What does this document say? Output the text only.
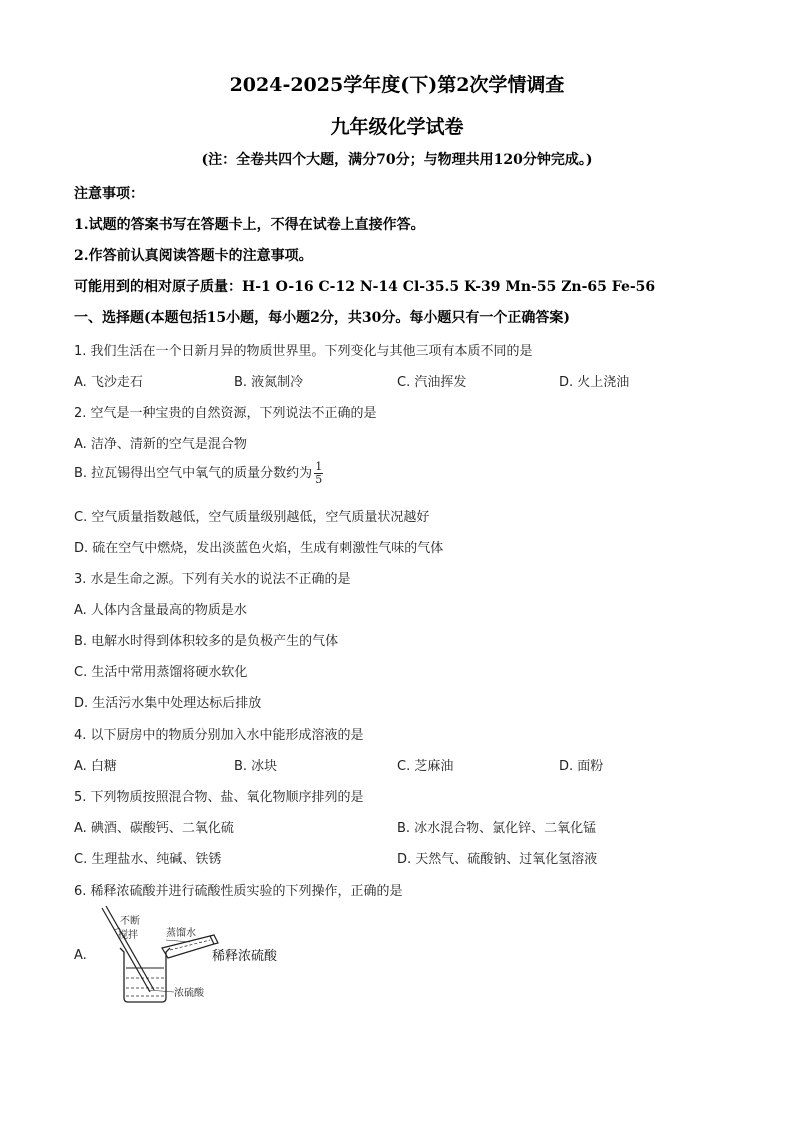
2024-2025学年度(下)第2次学情调查
九年级化学试卷
(注：全卷共四个大题，满分70分；与物理共用120分钟完成。)
注意事项：
1.试题的答案书写在答题卡上，不得在试卷上直接作答。
2.作答前认真阅读答题卡的注意事项。
可能用到的相对原子质量：H-1 O-16 C-12 N-14 Cl-35.5 K-39 Mn-55 Zn-65 Fe-56
一、选择题(本题包括15小题，每小题2分，共30分。每小题只有一个正确答案)
1. 我们生活在一个日新月异的物质世界里。下列变化与其他三项有本质不同的是
A. 飞沙走石	B. 液氮制冷	C. 汽油挥发	D. 火上浇油
2. 空气是一种宝贵的自然资源，下列说法不正确的是
A. 洁净、清新的空气是混合物
B. 拉瓦锡得出空气中氧气的质量分数约为 $\frac{1}{5}$
C. 空气质量指数越低，空气质量级别越低，空气质量状况越好
D. 硫在空气中燃烧，发出淡蓝色火焰，生成有刺激性气味的气体
3. 水是生命之源。下列有关水的说法不正确的是
A. 人体内含量最高的物质是水
B. 电解水时得到体积较多的是负极产生的气体
C. 生活中常用蒸馏将硬水软化
D. 生活污水集中处理达标后排放
4. 以下厨房中的物质分别加入水中能形成溶液的是
A. 白糖	B. 冰块	C. 芝麻油	D. 面粉
5. 下列物质按照混合物、盐、氧化物顺序排列的是
A. 碘酒、碳酸钙、二氧化硫	B. 冰水混合物、氯化锌、二氧化锰
C. 生理盐水、纯碱、铁锈	D. 天然气、硫酸钠、过氧化氢溶液
6. 稀释浓硫酸并进行硫酸性质实验的下列操作，正确的是
A.
不断
搅拌	蒸馏水
稀释浓硫酸
浓硫酸
